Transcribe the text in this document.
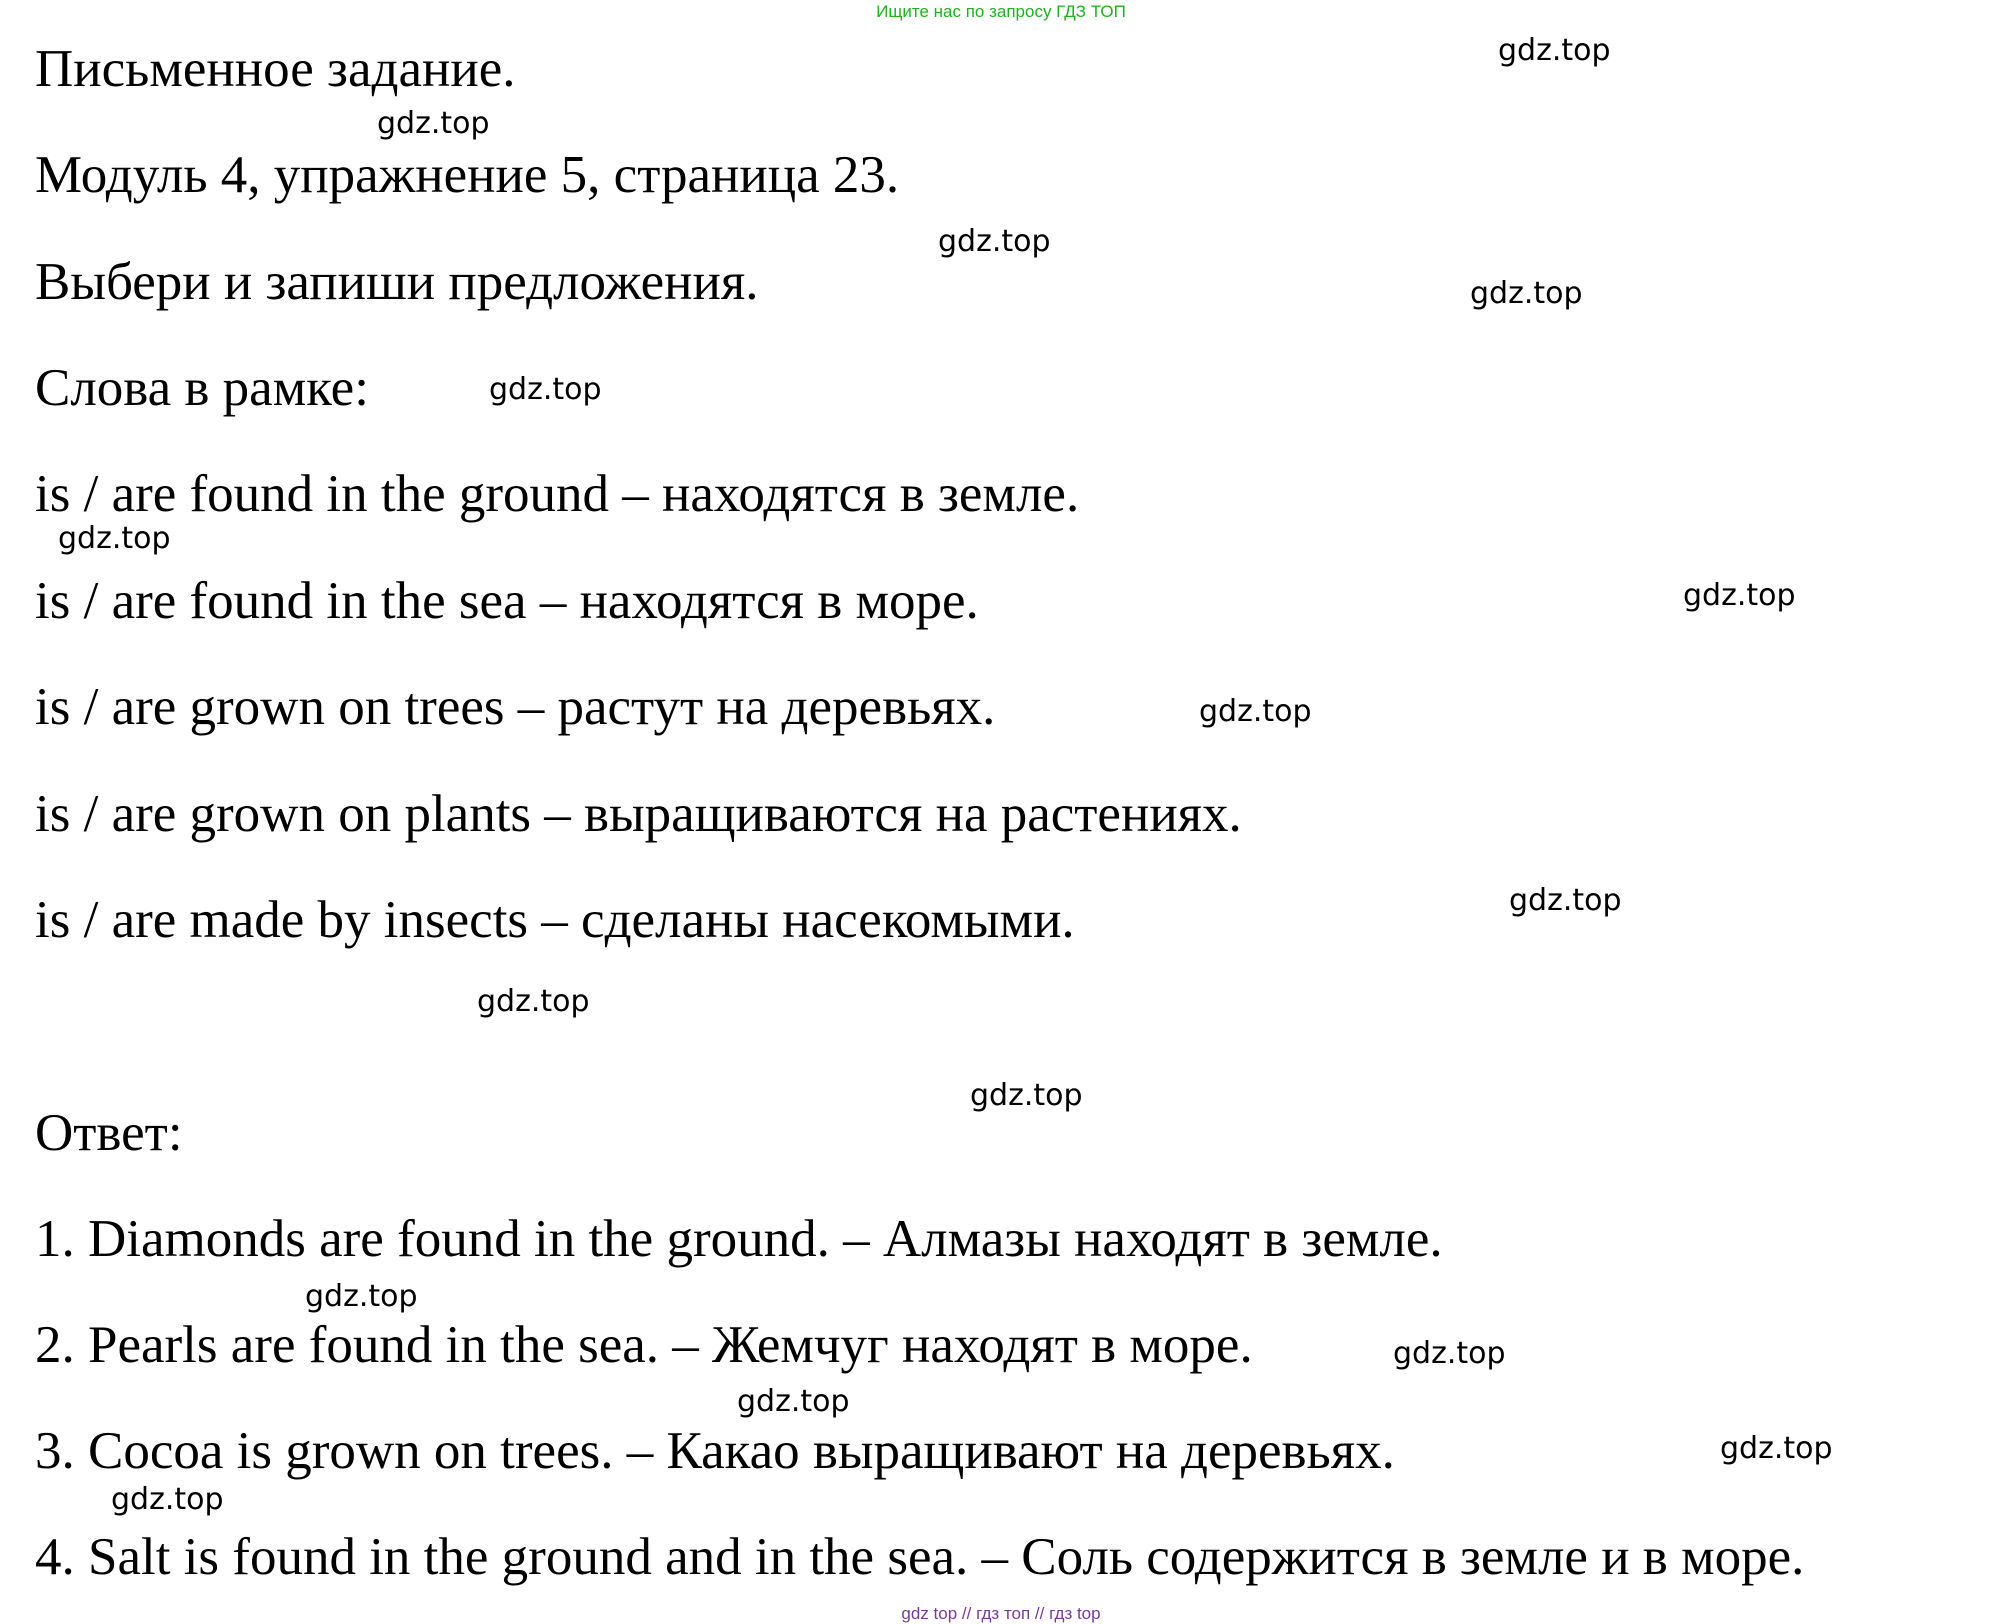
Ищите нас по запросу ГДЗ ТОП

Письменное задание.

Модуль 4, упражнение 5, страница 23.

Выбери и запиши предложения.

Слова в рамке:

is / are found in the ground – находятся в земле.

is / are found in the sea – находятся в море.

is / are grown on trees – растут на деревьях.

is / are grown on plants – выращиваются на растениях.

is / are made by insects – сделаны насекомыми.

Ответ:

1. Diamonds are found in the ground. – Алмазы находят в земле.

2. Pearls are found in the sea. – Жемчуг находят в море.

3. Cocoa is grown on trees. – Какао выращивают на деревьях.

4. Salt is found in the ground and in the sea. – Соль содержится в земле и в море.

gdz.top
gdz.top
gdz.top
gdz.top
gdz.top
gdz.top
gdz.top
gdz.top
gdz.top
gdz.top
gdz.top
gdz.top
gdz.top
gdz.top
gdz.top
gdz.top
gdz top // гдз топ // гдз top
